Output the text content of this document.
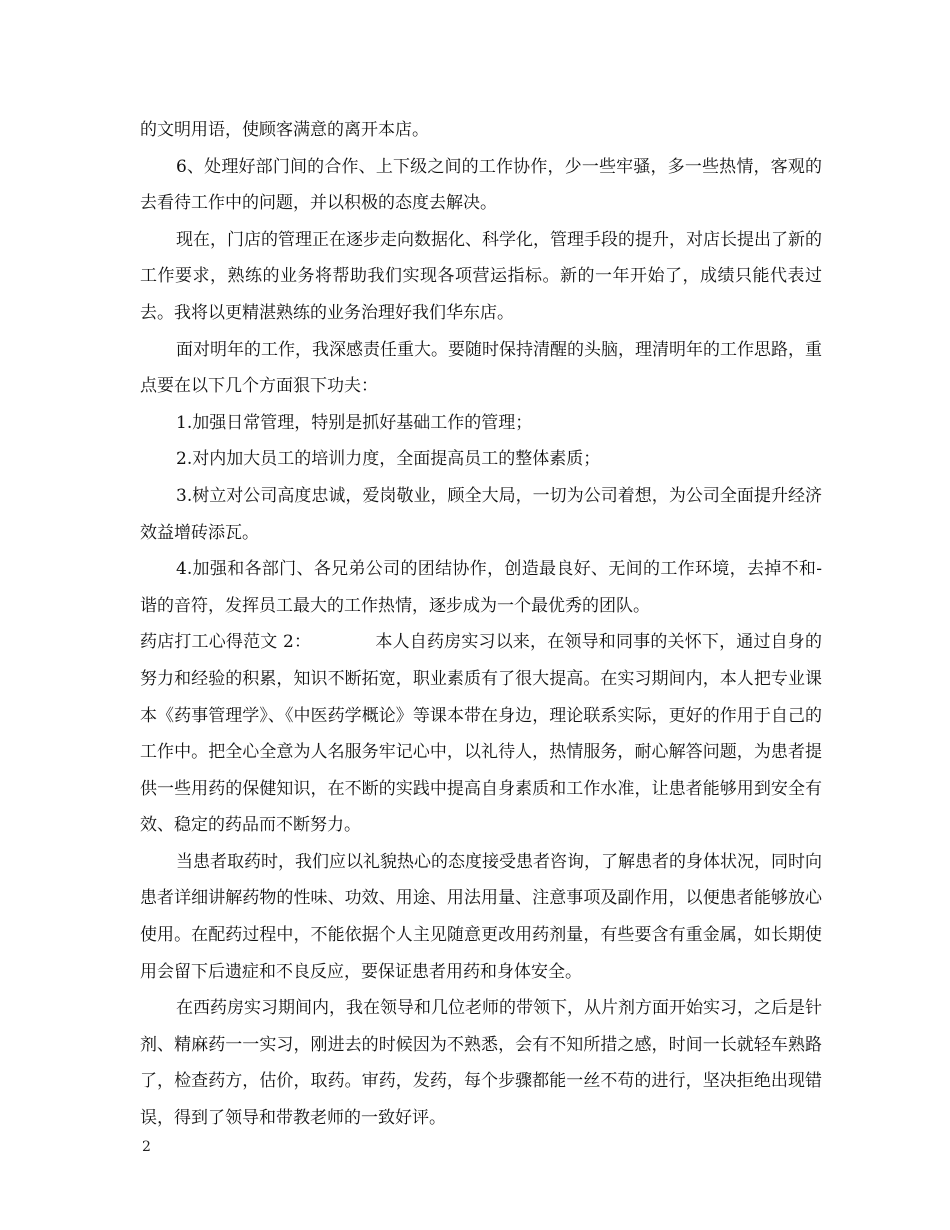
的文明用语，使顾客满意的离开本店。

6、处理好部门间的合作、上下级之间的工作协作，少一些牢骚，多一些热情，客观的去看待工作中的问题，并以积极的态度去解决。

现在，门店的管理正在逐步走向数据化、科学化，管理手段的提升，对店长提出了新的工作要求，熟练的业务将帮助我们实现各项营运指标。新的一年开始了，成绩只能代表过去。我将以更精湛熟练的业务治理好我们华东店。

面对明年的工作，我深感责任重大。要随时保持清醒的头脑，理清明年的工作思路，重点要在以下几个方面狠下功夫：

1.加强日常管理，特别是抓好基础工作的管理；

2.对内加大员工的培训力度，全面提高员工的整体素质；

3.树立对公司高度忠诚，爱岗敬业，顾全大局，一切为公司着想，为公司全面提升经济效益增砖添瓦。

4.加强和各部门、各兄弟公司的团结协作，创造最良好、无间的工作环境，去掉不和-谐的音符，发挥员工最大的工作热情，逐步成为一个最优秀的团队。

药店打工心得范文 2：	本人自药房实习以来，在领导和同事的关怀下，通过自身的努力和经验的积累，知识不断拓宽，职业素质有了很大提高。在实习期间内，本人把专业课本《药事管理学》、《中医药学概论》等课本带在身边，理论联系实际，更好的作用于自己的工作中。把全心全意为人名服务牢记心中，以礼待人，热情服务，耐心解答问题，为患者提供一些用药的保健知识，在不断的实践中提高自身素质和工作水准，让患者能够用到安全有效、稳定的药品而不断努力。

当患者取药时，我们应以礼貌热心的态度接受患者咨询，了解患者的身体状况，同时向患者详细讲解药物的性味、功效、用途、用法用量、注意事项及副作用，以便患者能够放心使用。在配药过程中，不能依据个人主见随意更改用药剂量，有些要含有重金属，如长期使用会留下后遗症和不良反应，要保证患者用药和身体安全。

在西药房实习期间内，我在领导和几位老师的带领下，从片剂方面开始实习，之后是针剂、精麻药一一实习，刚进去的时候因为不熟悉，会有不知所措之感，时间一长就轻车熟路了，检查药方，估价，取药。审药，发药，每个步骤都能一丝不苟的进行，坚决拒绝出现错误，得到了领导和带教老师的一致好评。

2
